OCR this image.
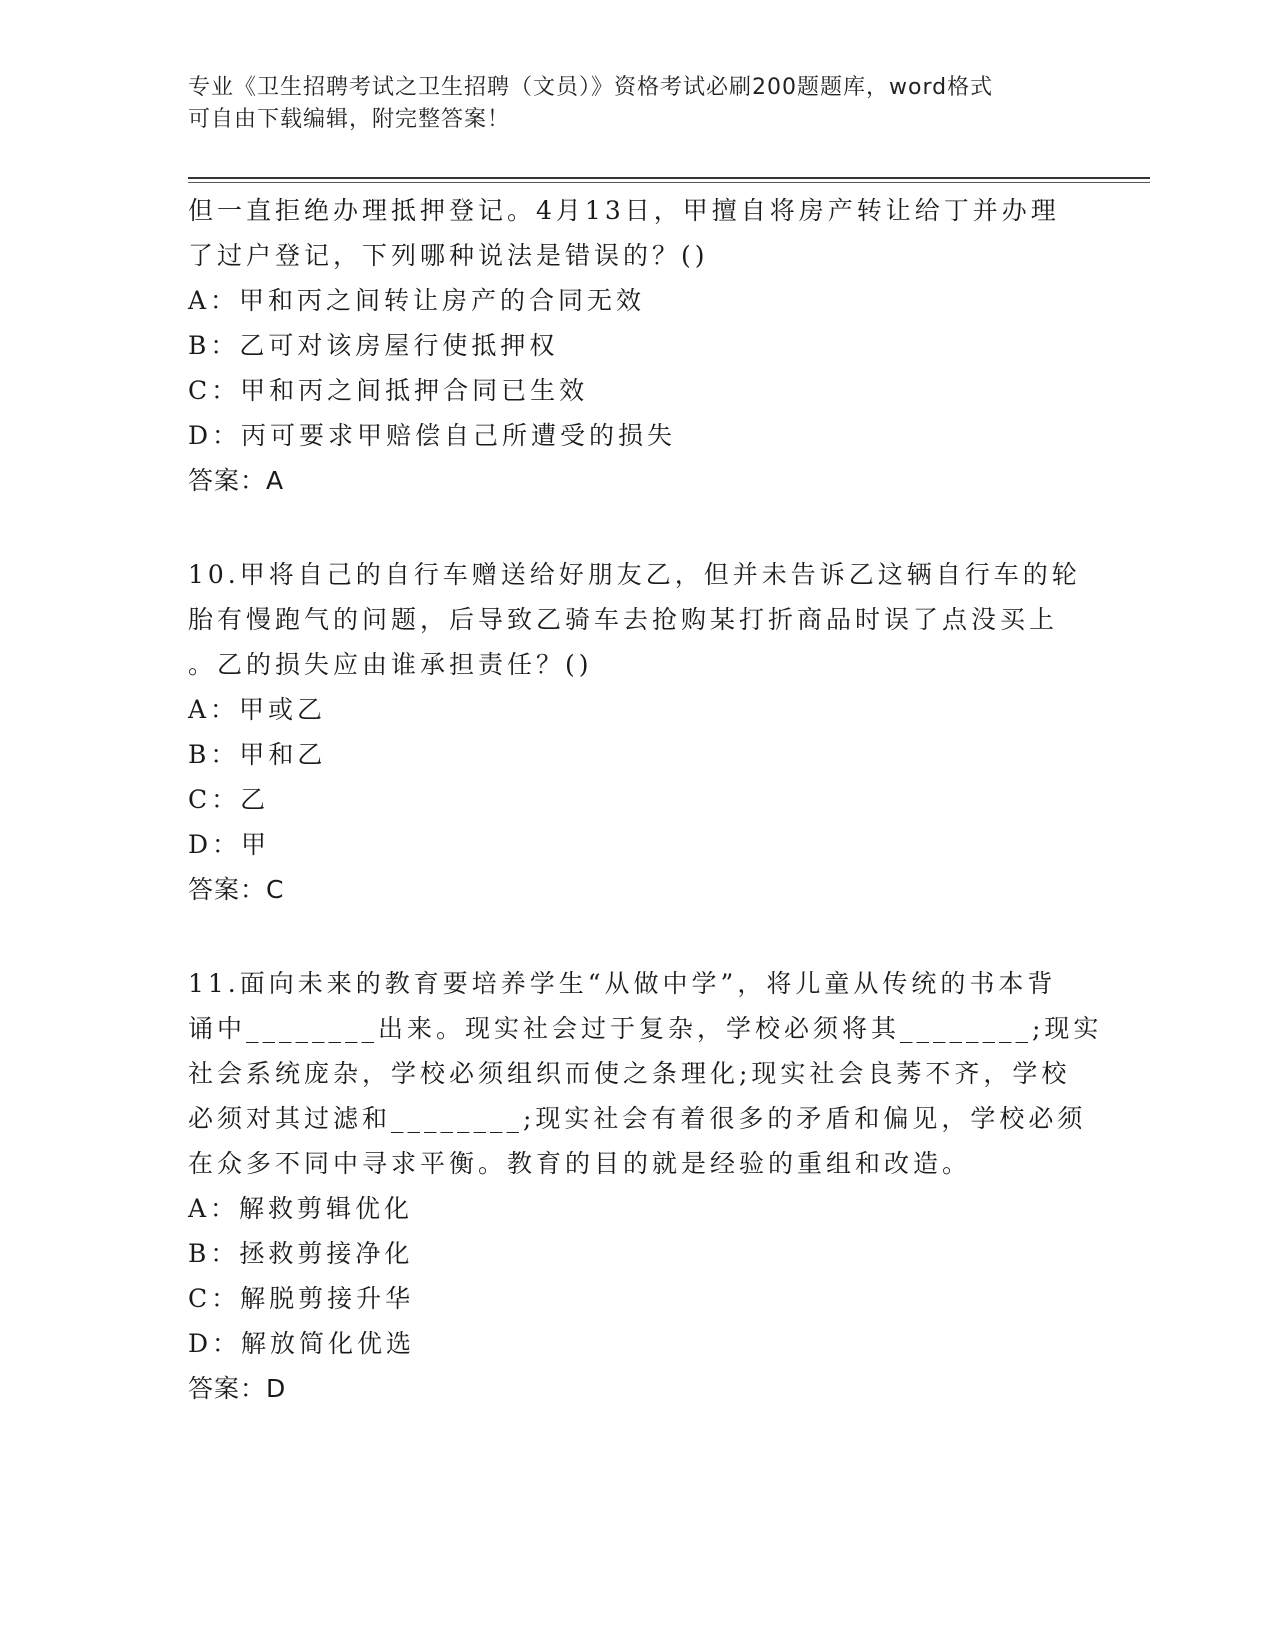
专业《卫生招聘考试之卫生招聘（文员）》资格考试必刷200题题库，word格式
可自由下载编辑，附完整答案！
但一直拒绝办理抵押登记。4月13日，甲擅自将房产转让给丁并办理
了过户登记，下列哪种说法是错误的？()
A：甲和丙之间转让房产的合同无效
B：乙可对该房屋行使抵押权
C：甲和丙之间抵押合同已生效
D：丙可要求甲赔偿自己所遭受的损失
答案：A
10.甲将自己的自行车赠送给好朋友乙，但并未告诉乙这辆自行车的轮
胎有慢跑气的问题，后导致乙骑车去抢购某打折商品时误了点没买上
。乙的损失应由谁承担责任？()
A：甲或乙
B：甲和乙
C：乙
D：甲
答案：C
11.面向未来的教育要培养学生“从做中学”，将儿童从传统的书本背
诵中________出来。现实社会过于复杂，学校必须将其________;现实
社会系统庞杂，学校必须组织而使之条理化;现实社会良莠不齐，学校
必须对其过滤和________;现实社会有着很多的矛盾和偏见，学校必须
在众多不同中寻求平衡。教育的目的就是经验的重组和改造。
A：解救剪辑优化
B：拯救剪接净化
C：解脱剪接升华
D：解放简化优选
答案：D
